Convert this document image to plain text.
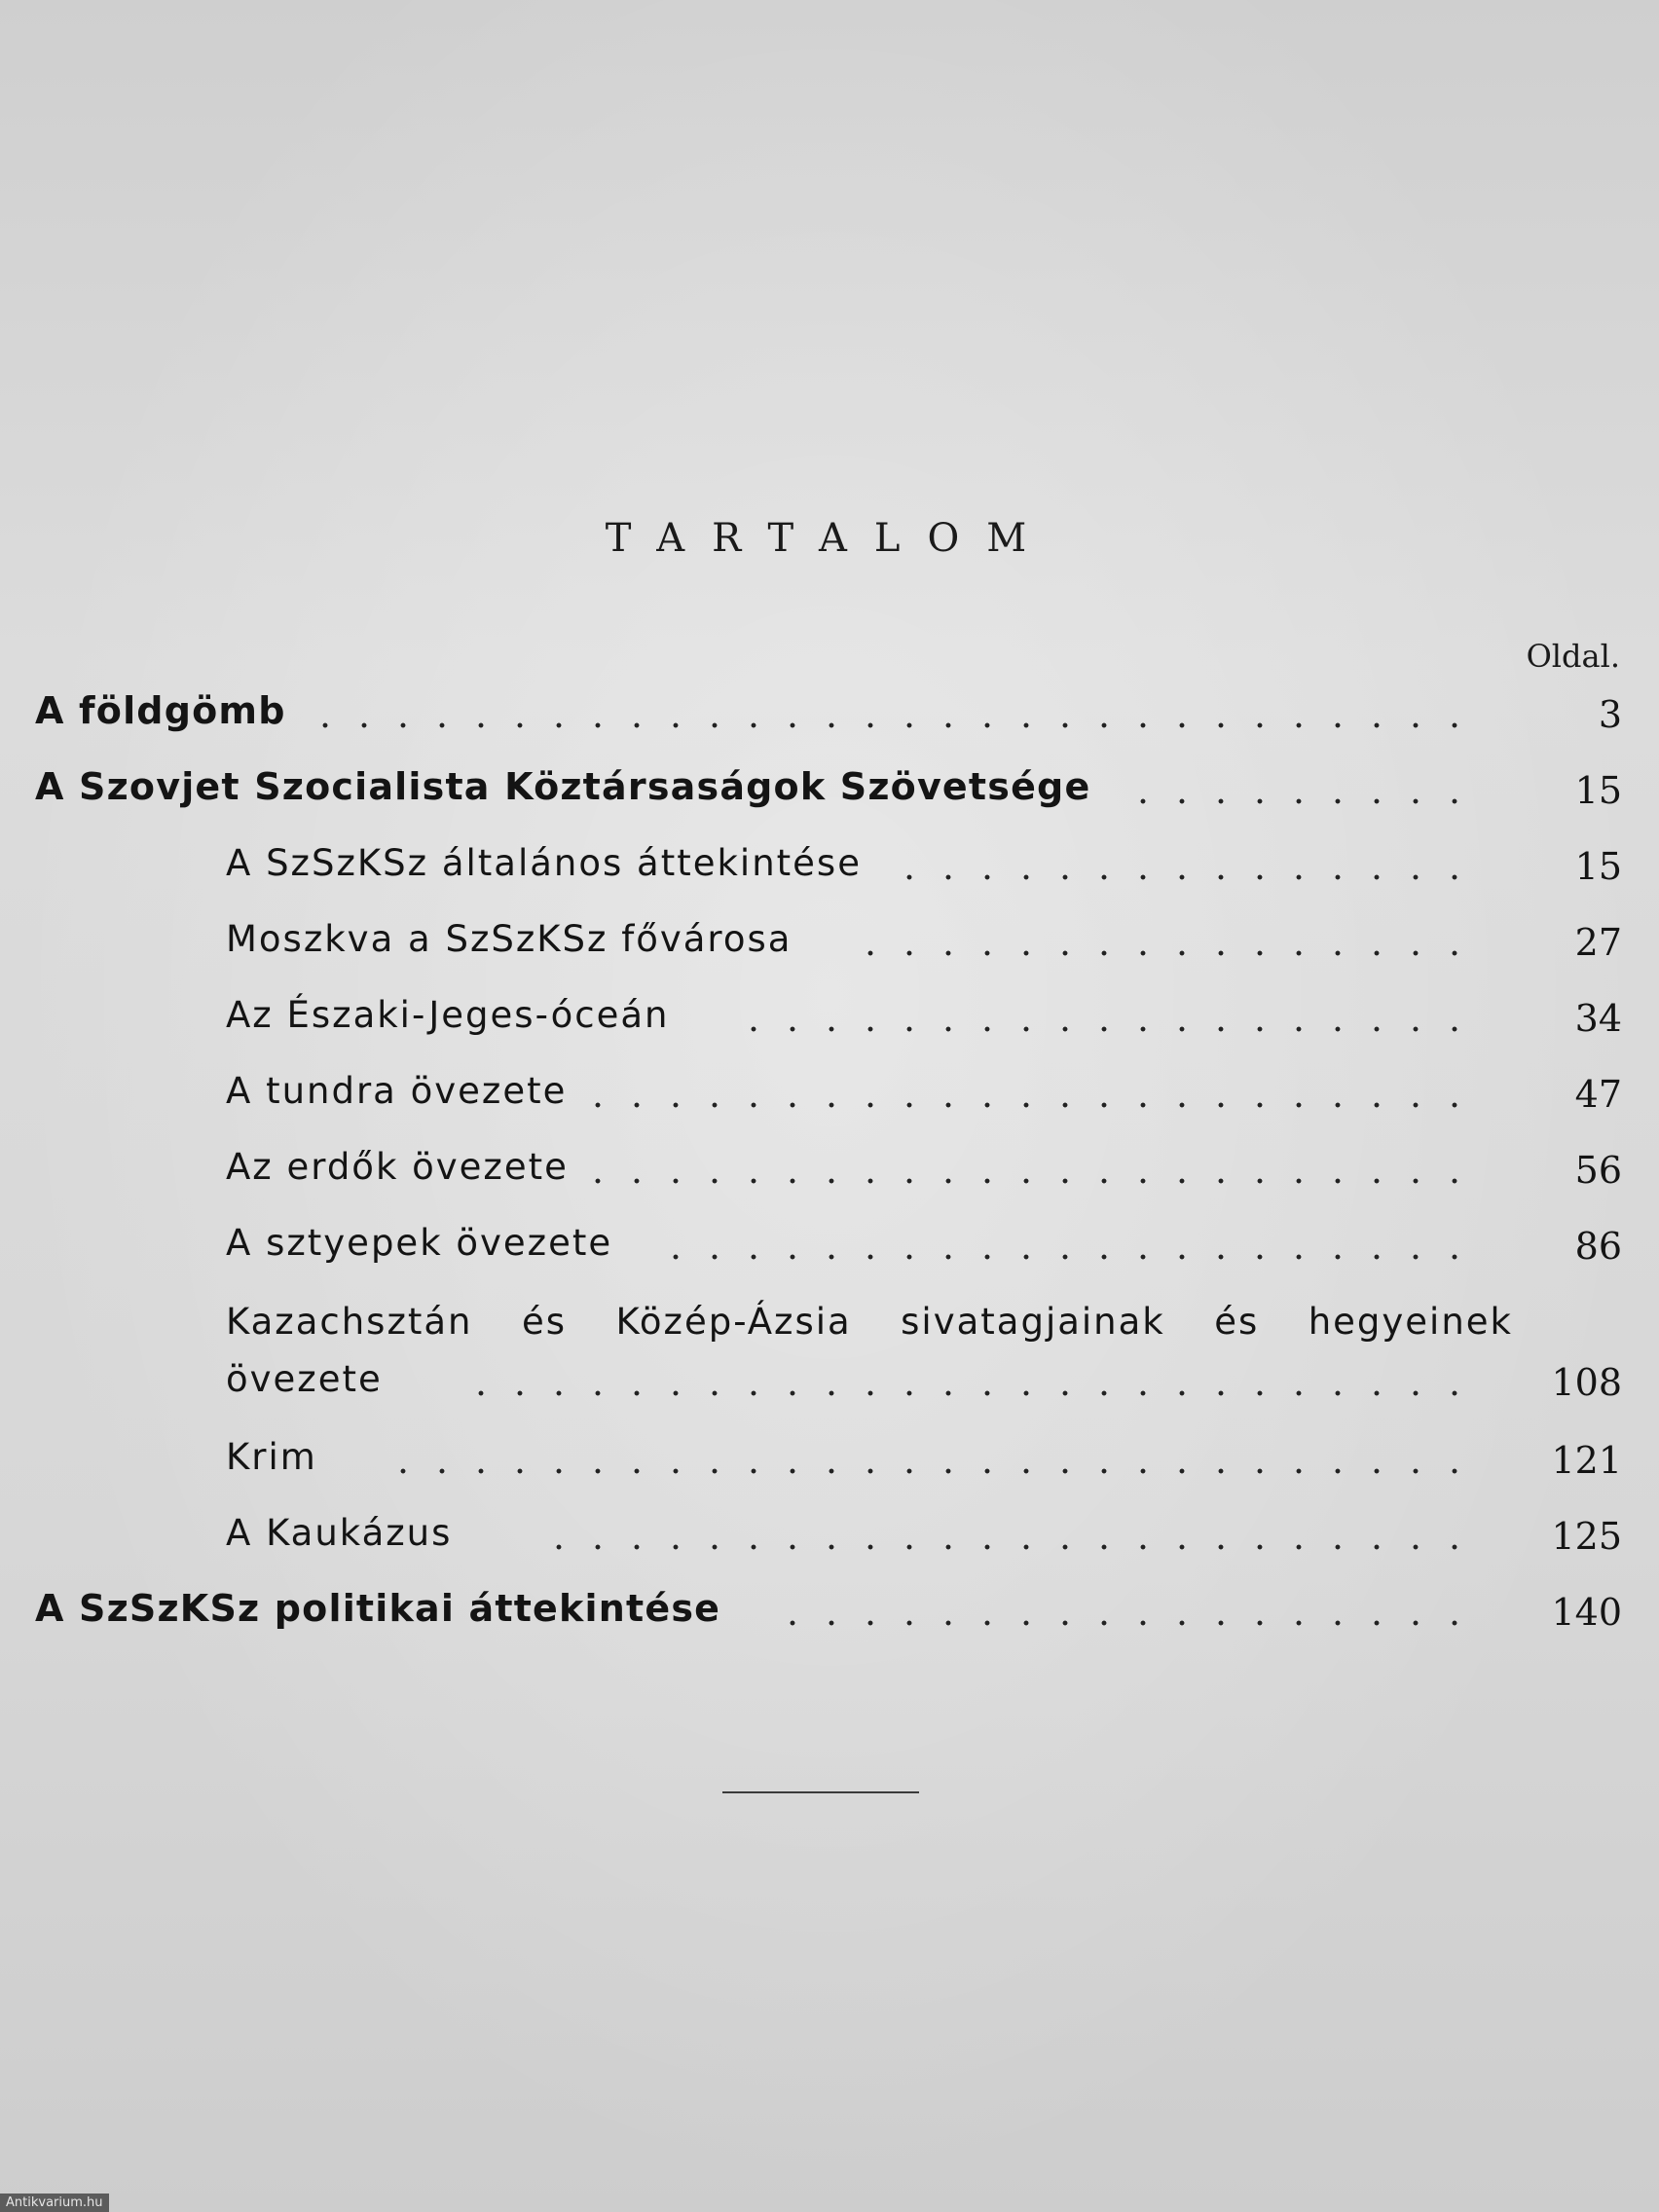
TARTALOM
Oldal.
A földgömb	3
A Szovjet Szocialista Köztársaságok Szövetsége	15
A SzSzKSz általános áttekintése	15
Moszkva a SzSzKSz fővárosa	27
Az Északi-Jeges-óceán	34
A tundra övezete	47
Az erdők övezete	56
A sztyepek övezete	86
Kazachsztán és Közép-Ázsia sivatagjainak és hegyeinek
övezete	108
Krim	121
A Kaukázus	125
A SzSzKSz politikai áttekintése	140
Antikvarium.hu
